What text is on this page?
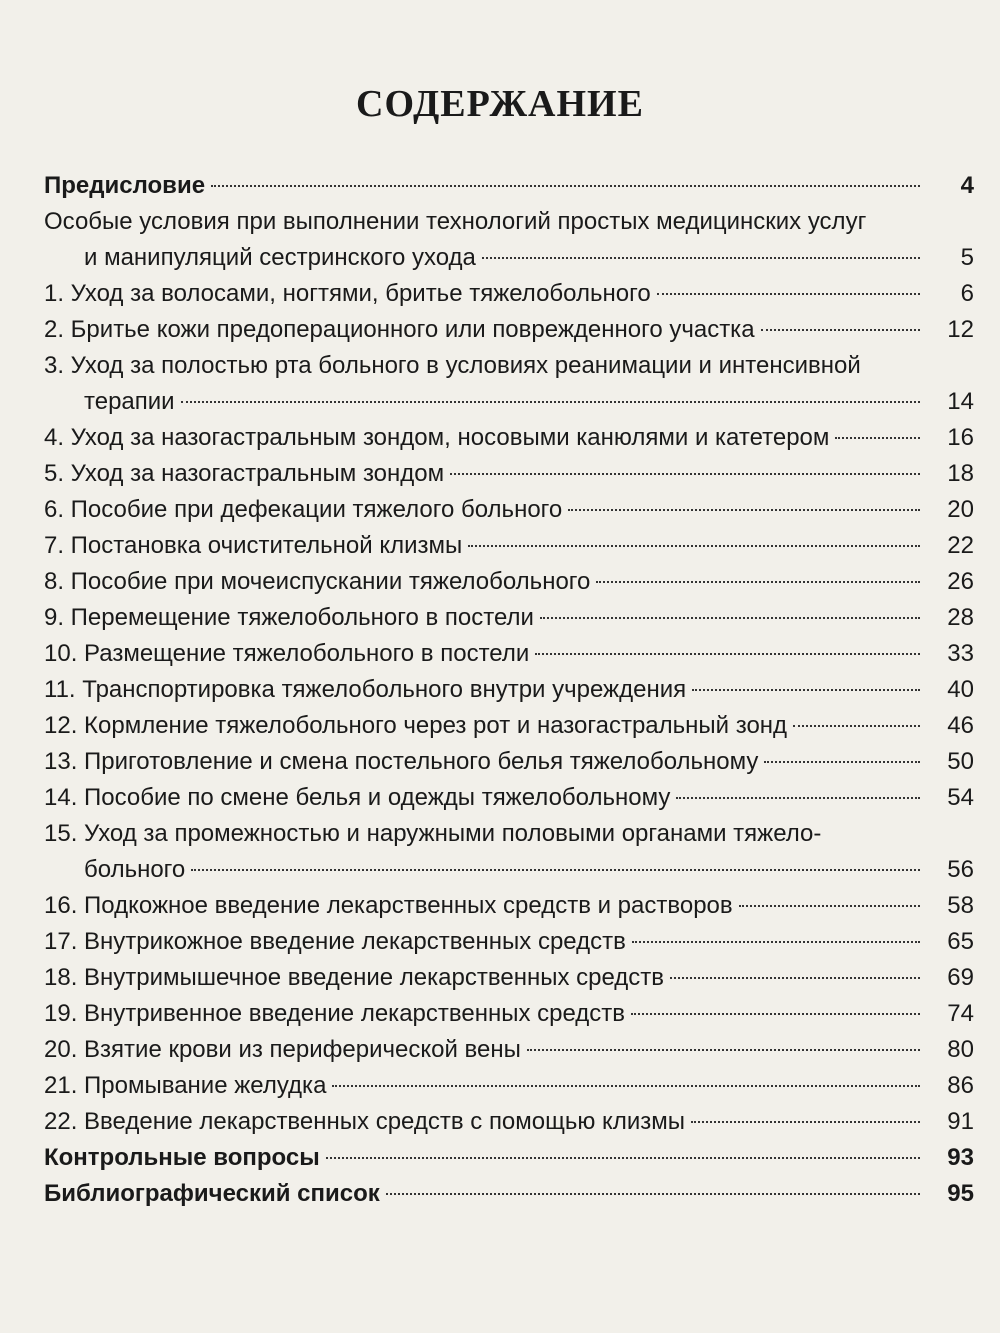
СОДЕРЖАНИЕ
Предисловие	4
Особые условия при выполнении технологий простых медицинских услуг
и манипуляций сестринского ухода	5
1. Уход за волосами, ногтями, бритье тяжелобольного	6
2. Бритье кожи предоперационного или поврежденного участка	12
3. Уход за полостью рта больного в условиях реанимации и интенсивной
терапии	14
4. Уход за назогастральным зондом, носовыми канюлями и катетером	16
5. Уход за назогастральным зондом	18
6. Пособие при дефекации тяжелого больного	20
7. Постановка очистительной клизмы	22
8. Пособие при мочеиспускании тяжелобольного	26
9. Перемещение тяжелобольного в постели	28
10. Размещение тяжелобольного в постели	33
11. Транспортировка тяжелобольного внутри учреждения	40
12. Кормление тяжелобольного через рот и назогастральный зонд	46
13. Приготовление и смена постельного белья тяжелобольному	50
14. Пособие по смене белья и одежды тяжелобольному	54
15. Уход за промежностью и наружными половыми органами тяжело-
больного	56
16. Подкожное введение лекарственных средств и растворов	58
17. Внутрикожное введение лекарственных средств	65
18. Внутримышечное введение лекарственных средств	69
19. Внутривенное введение лекарственных средств	74
20. Взятие крови из периферической вены	80
21. Промывание желудка	86
22. Введение лекарственных средств с помощью клизмы	91
Контрольные вопросы	93
Библиографический список	95
